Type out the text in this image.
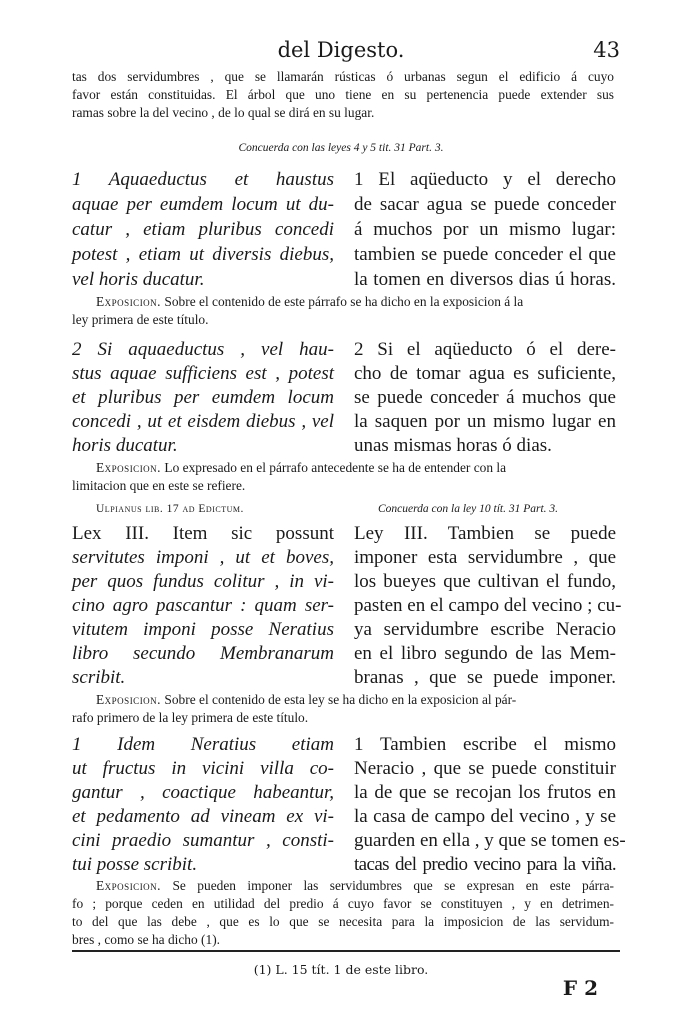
del Digesto.	43
tas dos servidumbres , que se llamarán rústicas ó urbanas segun el edificio á cuyo
favor están constituidas. El árbol que uno tiene en su pertenencia puede extender sus
ramas sobre la del vecino , de lo qual se dirá en su lugar.
Concuerda con las leyes 4 y 5 tit. 31 Part. 3.
1 Aquaeductus et haustus
aquae per eumdem locum ut du-
catur , etiam pluribus concedi
potest , etiam ut diversis diebus,
vel horis ducatur.
1 El aqüeducto y el derecho
de sacar agua se puede conceder
á muchos por un mismo lugar:
tambien se puede conceder el que
la tomen en diversos dias ú horas.
Exposicion. Sobre el contenido de este párrafo se ha dicho en la exposicion á la
ley primera de este título.
2 Si aquaeductus , vel hau-
stus aquae sufficiens est , potest
et pluribus per eumdem locum
concedi , ut et eisdem diebus , vel
horis ducatur.
2 Si el aqüeducto ó el dere-
cho de tomar agua es suficiente,
se puede conceder á muchos que
la saquen por un mismo lugar en
unas mismas horas ó dias.
Exposicion. Lo expresado en el párrafo antecedente se ha de entender con la
limitacion que en este se refiere.
Ulpianus lib. 17 ad Edictum.	Concuerda con la ley 10 tít. 31 Part. 3.
Lex III. Item sic possunt
servitutes imponi , ut et boves,
per quos fundus colitur , in vi-
cino agro pascantur : quam ser-
vitutem imponi posse Neratius
libro secundo Membranarum
scribit.
Ley III. Tambien se puede
imponer esta servidumbre , que
los bueyes que cultivan el fundo,
pasten en el campo del vecino ; cu-
ya servidumbre escribe Neracio
en el libro segundo de las Mem-
branas , que se puede imponer.
Exposicion. Sobre el contenido de esta ley se ha dicho en la exposicion al pár-
rafo primero de la ley primera de este título.
1 Idem Neratius etiam
ut fructus in vicini villa co-
gantur , coactique habeantur,
et pedamento ad vineam ex vi-
cini praedio sumantur , consti-
tui posse scribit.
1 Tambien escribe el mismo
Neracio , que se puede constituir
la de que se recojan los frutos en
la casa de campo del vecino , y se
guarden en ella , y que se tomen es-
tacas del predio vecino para la viña.
Exposicion. Se pueden imponer las servidumbres que se expresan en este párra-
fo ; porque ceden en utilidad del predio á cuyo favor se constituyen , y en detrimen-
to del que las debe , que es lo que se necesita para la imposicion de las servidum-
bres , como se ha dicho (1).
(1) L. 15 tít. 1 de este libro.
F 2
